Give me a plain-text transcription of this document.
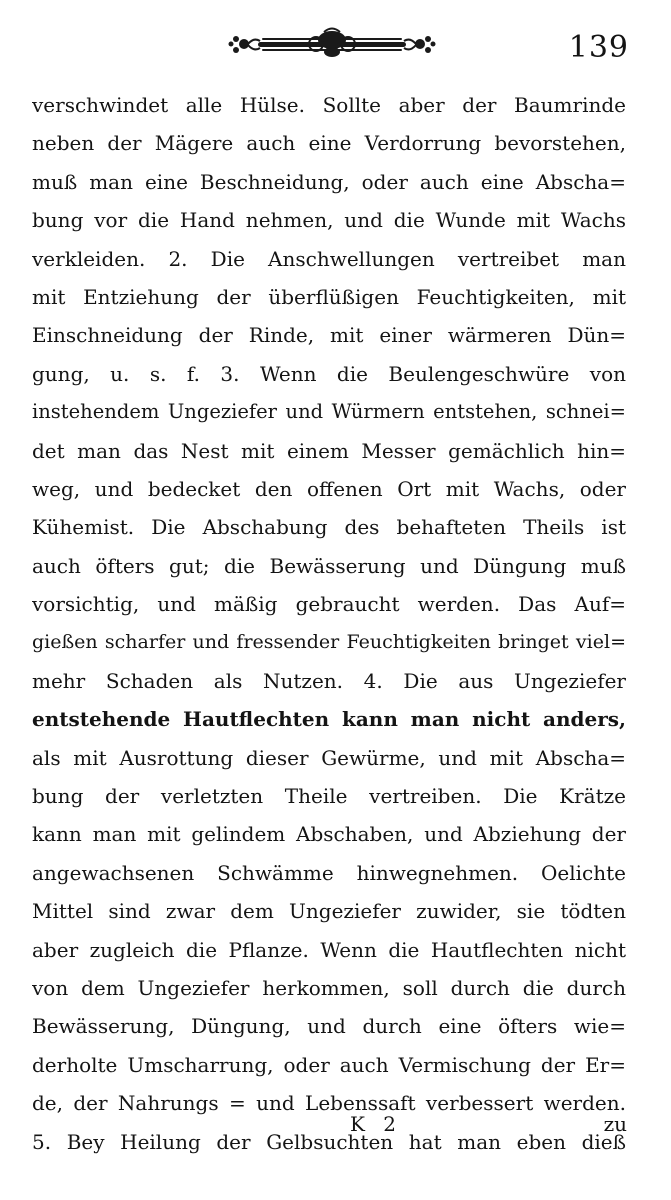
139
verschwindet alle Hülse. Sollte aber der Baumrinde
neben der Mägere auch eine Verdorrung bevorstehen,
muß man eine Beschneidung, oder auch eine Abscha=
bung vor die Hand nehmen, und die Wunde mit Wachs
verkleiden. 2. Die Anschwellungen vertreibet man
mit Entziehung der überflüßigen Feuchtigkeiten, mit
Einschneidung der Rinde, mit einer wärmeren Dün=
gung, u. s. f. 3. Wenn die Beulengeschwüre von
instehendem Ungeziefer und Würmern entstehen, schnei=
det man das Nest mit einem Messer gemächlich hin=
weg, und bedecket den offenen Ort mit Wachs, oder
Kühemist. Die Abschabung des behafteten Theils ist
auch öfters gut; die Bewässerung und Düngung muß
vorsichtig, und mäßig gebraucht werden. Das Auf=
gießen scharfer und fressender Feuchtigkeiten bringet viel=
mehr Schaden als Nutzen. 4. Die aus Ungeziefer
entstehende Hautflechten kann man nicht anders,
als mit Ausrottung dieser Gewürme, und mit Abscha=
bung der verletzten Theile vertreiben. Die Krätze
kann man mit gelindem Abschaben, und Abziehung der
angewachsenen Schwämme hinwegnehmen. Oelichte
Mittel sind zwar dem Ungeziefer zuwider, sie tödten
aber zugleich die Pflanze. Wenn die Hautflechten nicht
von dem Ungeziefer herkommen, soll durch die durch
Bewässerung, Düngung, und durch eine öfters wie=
derholte Umscharrung, oder auch Vermischung der Er=
de, der Nahrungs = und Lebenssaft verbessert werden.
5. Bey Heilung der Gelbsuchten hat man eben dieß
K 2	zu
